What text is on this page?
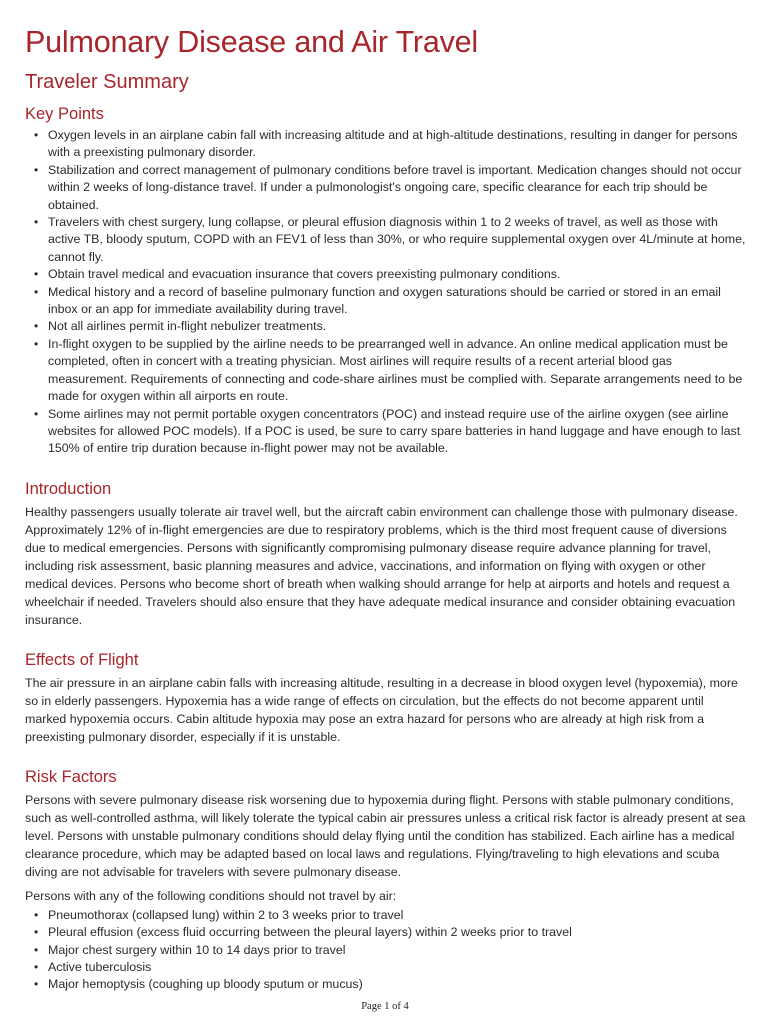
Pulmonary Disease and Air Travel
Traveler Summary
Key Points
• Oxygen levels in an airplane cabin fall with increasing altitude and at high-altitude destinations, resulting in danger for persons with a preexisting pulmonary disorder.
• Stabilization and correct management of pulmonary conditions before travel is important. Medication changes should not occur within 2 weeks of long-distance travel. If under a pulmonologist's ongoing care, specific clearance for each trip should be obtained.
• Travelers with chest surgery, lung collapse, or pleural effusion diagnosis within 1 to 2 weeks of travel, as well as those with active TB, bloody sputum, COPD with an FEV1 of less than 30%, or who require supplemental oxygen over 4L/minute at home, cannot fly.
• Obtain travel medical and evacuation insurance that covers preexisting pulmonary conditions.
• Medical history and a record of baseline pulmonary function and oxygen saturations should be carried or stored in an email inbox or an app for immediate availability during travel.
• Not all airlines permit in-flight nebulizer treatments.
• In-flight oxygen to be supplied by the airline needs to be prearranged well in advance. An online medical application must be completed, often in concert with a treating physician. Most airlines will require results of a recent arterial blood gas measurement. Requirements of connecting and code-share airlines must be complied with. Separate arrangements need to be made for oxygen within all airports en route.
• Some airlines may not permit portable oxygen concentrators (POC) and instead require use of the airline oxygen (see airline websites for allowed POC models). If a POC is used, be sure to carry spare batteries in hand luggage and have enough to last 150% of entire trip duration because in-flight power may not be available.
Introduction

Healthy passengers usually tolerate air travel well, but the aircraft cabin environment can challenge those with pulmonary disease. Approximately 12% of in-flight emergencies are due to respiratory problems, which is the third most frequent cause of diversions due to medical emergencies. Persons with significantly compromising pulmonary disease require advance planning for travel, including risk assessment, basic planning measures and advice, vaccinations, and information on flying with oxygen or other medical devices. Persons who become short of breath when walking should arrange for help at airports and hotels and request a wheelchair if needed. Travelers should also ensure that they have adequate medical insurance and consider obtaining evacuation insurance.

Effects of Flight

The air pressure in an airplane cabin falls with increasing altitude, resulting in a decrease in blood oxygen level (hypoxemia), more so in elderly passengers. Hypoxemia has a wide range of effects on circulation, but the effects do not become apparent until marked hypoxemia occurs. Cabin altitude hypoxia may pose an extra hazard for persons who are already at high risk from a preexisting pulmonary disorder, especially if it is unstable.

Risk Factors

Persons with severe pulmonary disease risk worsening due to hypoxemia during flight. Persons with stable pulmonary conditions, such as well-controlled asthma, will likely tolerate the typical cabin air pressures unless a critical risk factor is already present at sea level. Persons with unstable pulmonary conditions should delay flying until the condition has stabilized. Each airline has a medical clearance procedure, which may be adapted based on local laws and regulations. Flying/traveling to high elevations and scuba diving are not advisable for travelers with severe pulmonary disease.

Persons with any of the following conditions should not travel by air:

• Pneumothorax (collapsed lung) within 2 to 3 weeks prior to travel
• Pleural effusion (excess fluid occurring between the pleural layers) within 2 weeks prior to travel
• Major chest surgery within 10 to 14 days prior to travel
• Active tuberculosis
• Major hemoptysis (coughing up bloody sputum or mucus)
Page 1 of 4
